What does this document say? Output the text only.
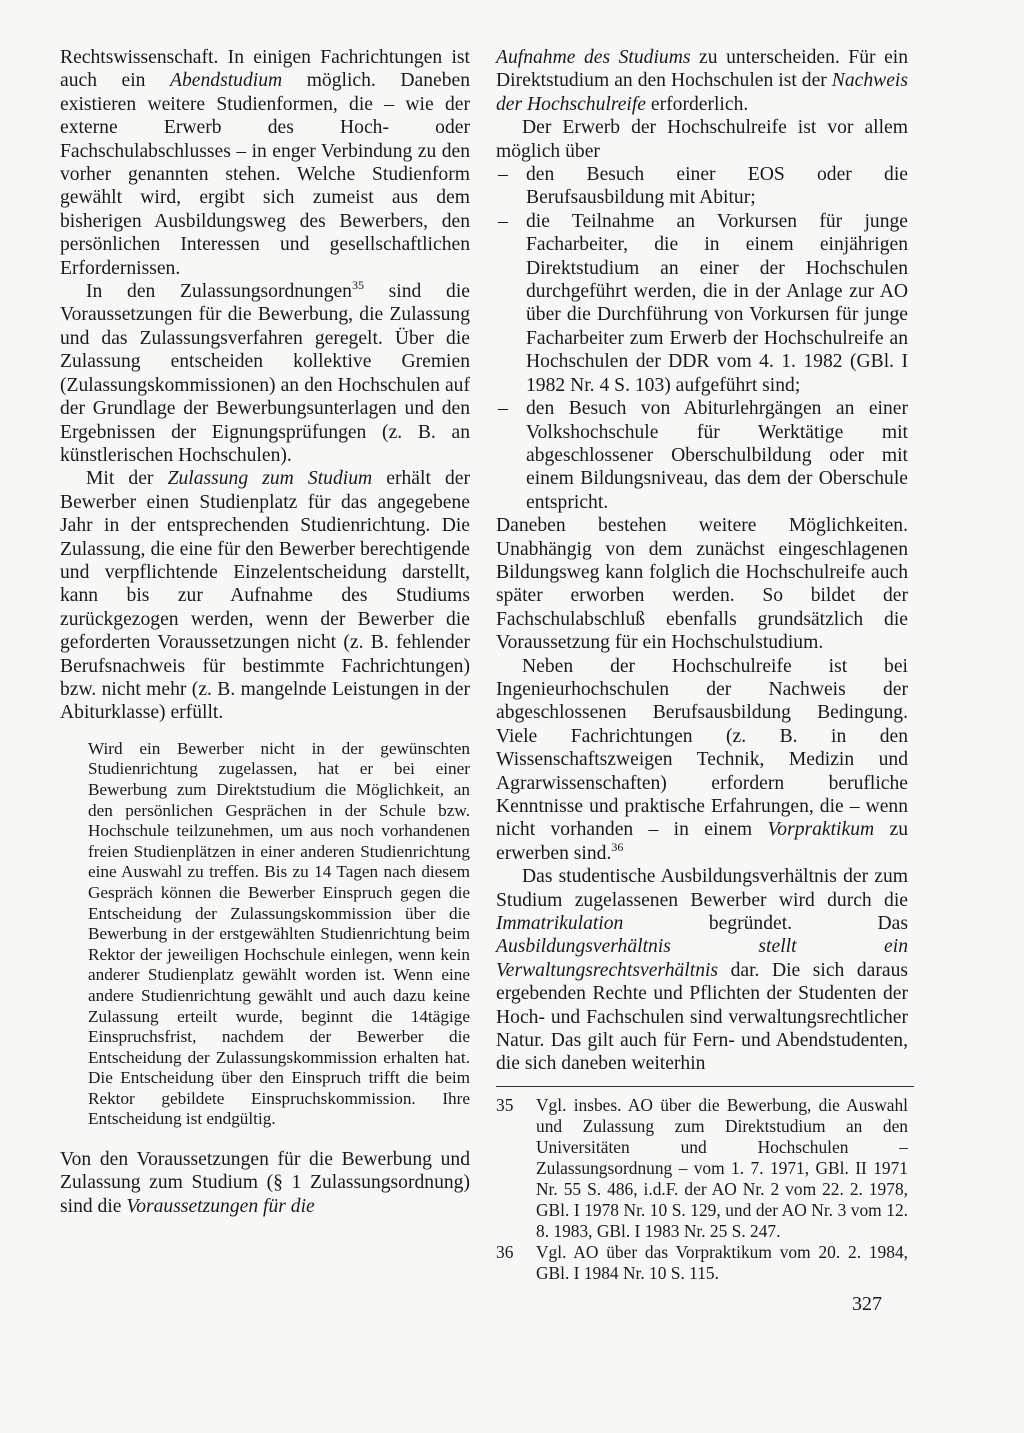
Rechtswissenschaft. In einigen Fachrichtungen ist auch ein Abendstudium möglich. Daneben existieren weitere Studienformen, die – wie der externe Erwerb des Hoch- oder Fachschulabschlusses – in enger Verbindung zu den vorher genannten stehen. Welche Studienform gewählt wird, ergibt sich zumeist aus dem bisherigen Ausbildungsweg des Bewerbers, den persönlichen Interessen und gesellschaftlichen Erfordernissen.

In den Zulassungsordnungen$^{35}$ sind die Voraussetzungen für die Bewerbung, die Zulassung und das Zulassungsverfahren geregelt. Über die Zulassung entscheiden kollektive Gremien (Zulassungskommissionen) an den Hochschulen auf der Grundlage der Bewerbungsunterlagen und den Ergebnissen der Eignungsprüfungen (z. B. an künstlerischen Hochschulen).

Mit der Zulassung zum Studium erhält der Bewerber einen Studienplatz für das angegebene Jahr in der entsprechenden Studienrichtung. Die Zulassung, die eine für den Bewerber berechtigende und verpflichtende Einzelentscheidung darstellt, kann bis zur Aufnahme des Studiums zurückgezogen werden, wenn der Bewerber die geforderten Voraussetzungen nicht (z. B. fehlender Berufsnachweis für bestimmte Fachrichtungen) bzw. nicht mehr (z. B. mangelnde Leistungen in der Abiturklasse) erfüllt.

Wird ein Bewerber nicht in der gewünschten Studienrichtung zugelassen, hat er bei einer Bewerbung zum Direktstudium die Möglichkeit, an den persönlichen Gesprächen in der Schule bzw. Hochschule teilzunehmen, um aus noch vorhandenen freien Studienplätzen in einer anderen Studienrichtung eine Auswahl zu treffen. Bis zu 14 Tagen nach diesem Gespräch können die Bewerber Einspruch gegen die Entscheidung der Zulassungskommission über die Bewerbung in der erstgewählten Studienrichtung beim Rektor der jeweiligen Hochschule einlegen, wenn kein anderer Studienplatz gewählt worden ist. Wenn eine andere Studienrichtung gewählt und auch dazu keine Zulassung erteilt wurde, beginnt die 14tägige Einspruchsfrist, nachdem der Bewerber die Entscheidung der Zulassungskommission erhalten hat. Die Entscheidung über den Einspruch trifft die beim Rektor gebildete Einspruchskommission. Ihre Entscheidung ist endgültig.

Von den Voraussetzungen für die Bewerbung und Zulassung zum Studium (§ 1 Zulassungsordnung) sind die Voraussetzungen für die

Aufnahme des Studiums zu unterscheiden. Für ein Direktstudium an den Hochschulen ist der Nachweis der Hochschulreife erforderlich.

Der Erwerb der Hochschulreife ist vor allem möglich über

– den Besuch einer EOS oder die Berufsausbildung mit Abitur;
– die Teilnahme an Vorkursen für junge Facharbeiter, die in einem einjährigen Direktstudium an einer der Hochschulen durchgeführt werden, die in der Anlage zur AO über die Durchführung von Vorkursen für junge Facharbeiter zum Erwerb der Hochschulreife an Hochschulen der DDR vom 4. 1. 1982 (GBl. I 1982 Nr. 4 S. 103) aufgeführt sind;
– den Besuch von Abiturlehrgängen an einer Volkshochschule für Werktätige mit abgeschlossener Oberschulbildung oder mit einem Bildungsniveau, das dem der Oberschule entspricht.

Daneben bestehen weitere Möglichkeiten. Unabhängig von dem zunächst eingeschlagenen Bildungsweg kann folglich die Hochschulreife auch später erworben werden. So bildet der Fachschulabschluß ebenfalls grundsätzlich die Voraussetzung für ein Hochschulstudium.

Neben der Hochschulreife ist bei Ingenieurhochschulen der Nachweis der abgeschlossenen Berufsausbildung Bedingung. Viele Fachrichtungen (z. B. in den Wissenschaftszweigen Technik, Medizin und Agrarwissenschaften) erfordern berufliche Kenntnisse und praktische Erfahrungen, die – wenn nicht vorhanden – in einem Vorpraktikum zu erwerben sind.$^{36}$

Das studentische Ausbildungsverhältnis der zum Studium zugelassenen Bewerber wird durch die Immatrikulation begründet. Das Ausbildungsverhältnis stellt ein Verwaltungsrechtsverhältnis dar. Die sich daraus ergebenden Rechte und Pflichten der Studenten der Hoch- und Fachschulen sind verwaltungsrechtlicher Natur. Das gilt auch für Fern- und Abendstudenten, die sich daneben weiterhin

35 Vgl. insbes. AO über die Bewerbung, die Auswahl und Zulassung zum Direktstudium an den Universitäten und Hochschulen – Zulassungsordnung – vom 1. 7. 1971, GBl. II 1971 Nr. 55 S. 486, i.d.F. der AO Nr. 2 vom 22. 2. 1978, GBl. I 1978 Nr. 10 S. 129, und der AO Nr. 3 vom 12. 8. 1983, GBl. I 1983 Nr. 25 S. 247.
36 Vgl. AO über das Vorpraktikum vom 20. 2. 1984, GBl. I 1984 Nr. 10 S. 115.
327
